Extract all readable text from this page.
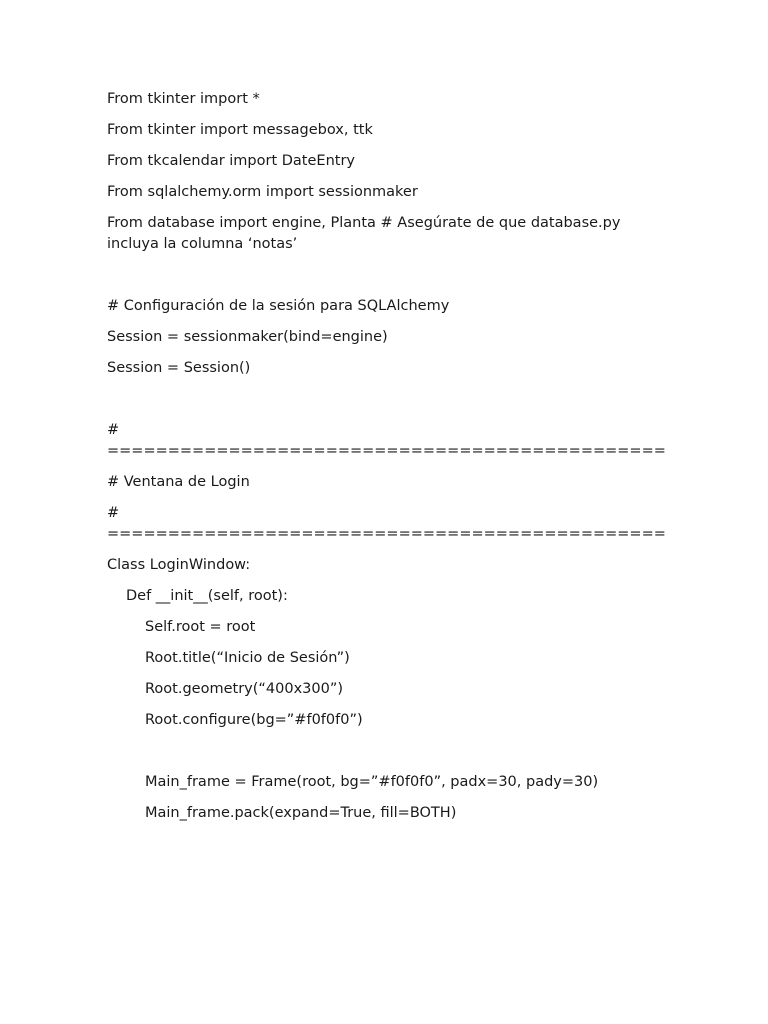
From tkinter import *
From tkinter import messagebox, ttk
From tkcalendar import DateEntry
From sqlalchemy.orm import sessionmaker
From database import engine, Planta # Asegúrate de que database.py incluya la columna ‘notas’
# Configuración de la sesión para SQLAlchemy
Session = sessionmaker(bind=engine)
Session = Session()
# ==============================================
# Ventana de Login
# ==============================================
Class LoginWindow:
Def __init__(self, root):
Self.root = root
Root.title(“Inicio de Sesión”)
Root.geometry(“400x300”)
Root.configure(bg=”#f0f0f0”)
Main_frame = Frame(root, bg=”#f0f0f0”, padx=30, pady=30)
Main_frame.pack(expand=True, fill=BOTH)
